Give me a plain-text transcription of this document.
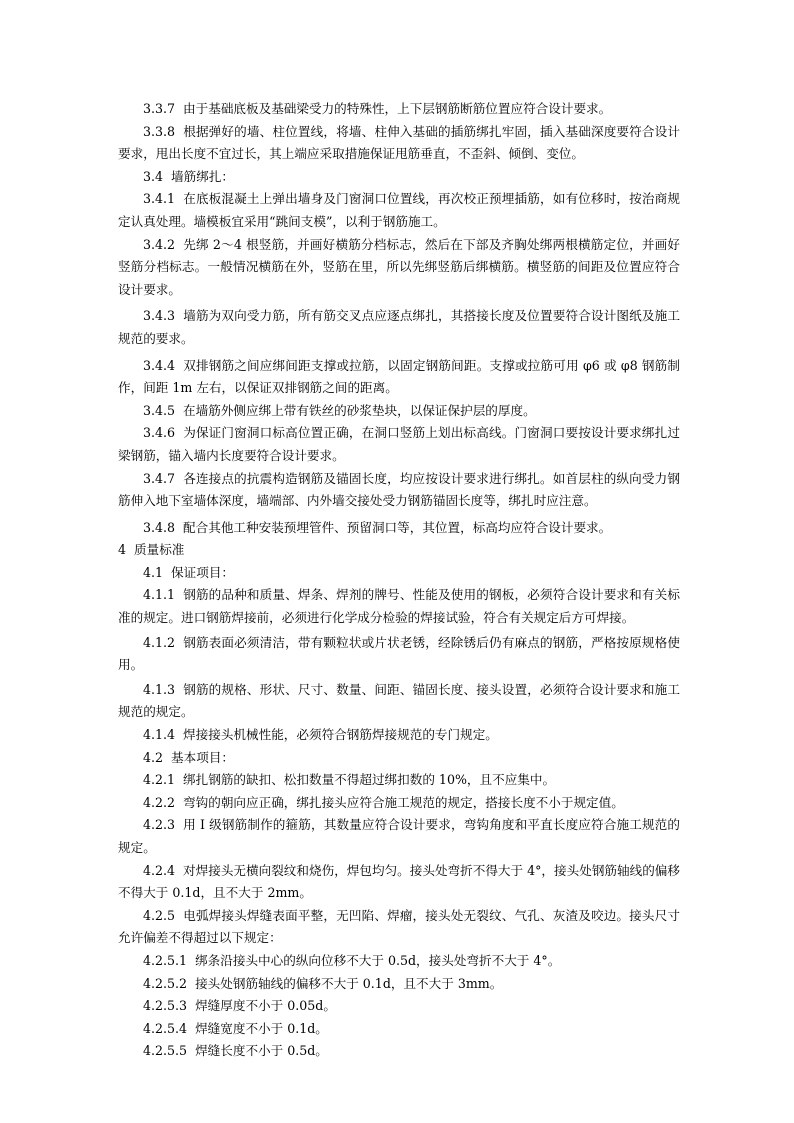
3.3.7 由于基础底板及基础梁受力的特殊性，上下层钢筋断筋位置应符合设计要求。

3.3.8 根据弹好的墙、柱位置线，将墙、柱伸入基础的插筋绑扎牢固，插入基础深度要符合设计要求，甩出长度不宜过长，其上端应采取措施保证甩筋垂直，不歪斜、倾倒、变位。

3.4 墙筋绑扎：

3.4.1 在底板混凝土上弹出墙身及门窗洞口位置线，再次校正预埋插筋，如有位移时，按治商规定认真处理。墙模板宜采用“跳间支模”，以利于钢筋施工。

3.4.2 先绑 2～4 根竖筋，并画好横筋分档标志，然后在下部及齐胸处绑两根横筋定位，并画好竖筋分档标志。一般情况横筋在外，竖筋在里，所以先绑竖筋后绑横筋。横竖筋的间距及位置应符合设计要求。

3.4.3 墙筋为双向受力筋，所有筋交叉点应逐点绑扎，其搭接长度及位置要符合设计图纸及施工规范的要求。

3.4.4 双排钢筋之间应绑间距支撑或拉筋，以固定钢筋间距。支撑或拉筋可用 φ6 或 φ8 钢筋制作，间距 1m 左右，以保证双排钢筋之间的距离。

3.4.5 在墙筋外侧应绑上带有铁丝的砂浆垫块，以保证保护层的厚度。

3.4.6 为保证门窗洞口标高位置正确，在洞口竖筋上划出标高线。门窗洞口要按设计要求绑扎过梁钢筋，锚入墙内长度要符合设计要求。

3.4.7 各连接点的抗震构造钢筋及锚固长度，均应按设计要求进行绑扎。如首层柱的纵向受力钢筋伸入地下室墙体深度，墙端部、内外墙交接处受力钢筋锚固长度等，绑扎时应注意。

3.4.8 配合其他工种安装预埋管件、预留洞口等，其位置，标高均应符合设计要求。

4 质量标准

4.1 保证项目：

4.1.1 钢筋的品种和质量、焊条、焊剂的牌号、性能及使用的钢板，必须符合设计要求和有关标准的规定。进口钢筋焊接前，必须进行化学成分检验的焊接试验，符合有关规定后方可焊接。

4.1.2 钢筋表面必须清洁，带有颗粒状或片状老锈，经除锈后仍有麻点的钢筋，严格按原规格使用。

4.1.3 钢筋的规格、形状、尺寸、数量、间距、锚固长度、接头设置，必须符合设计要求和施工规范的规定。

4.1.4 焊接接头机械性能，必须符合钢筋焊接规范的专门规定。

4.2 基本项目：

4.2.1 绑扎钢筋的缺扣、松扣数量不得超过绑扣数的 10%，且不应集中。

4.2.2 弯钩的朝向应正确，绑扎接头应符合施工规范的规定，搭接长度不小于规定值。

4.2.3 用 I 级钢筋制作的箍筋，其数量应符合设计要求，弯钩角度和平直长度应符合施工规范的规定。

4.2.4 对焊接头无横向裂纹和烧伤，焊包均匀。接头处弯折不得大于 4°，接头处钢筋轴线的偏移不得大于 0.1d，且不大于 2mm。

4.2.5 电弧焊接头焊缝表面平整，无凹陷、焊瘤，接头处无裂纹、气孔、灰渣及咬边。接头尺寸允许偏差不得超过以下规定：

4.2.5.1 绑条沿接头中心的纵向位移不大于 0.5d，接头处弯折不大于 4°。

4.2.5.2 接头处钢筋轴线的偏移不大于 0.1d，且不大于 3mm。

4.2.5.3 焊缝厚度不小于 0.05d。

4.2.5.4 焊缝宽度不小于 0.1d。

4.2.5.5 焊缝长度不小于 0.5d。
